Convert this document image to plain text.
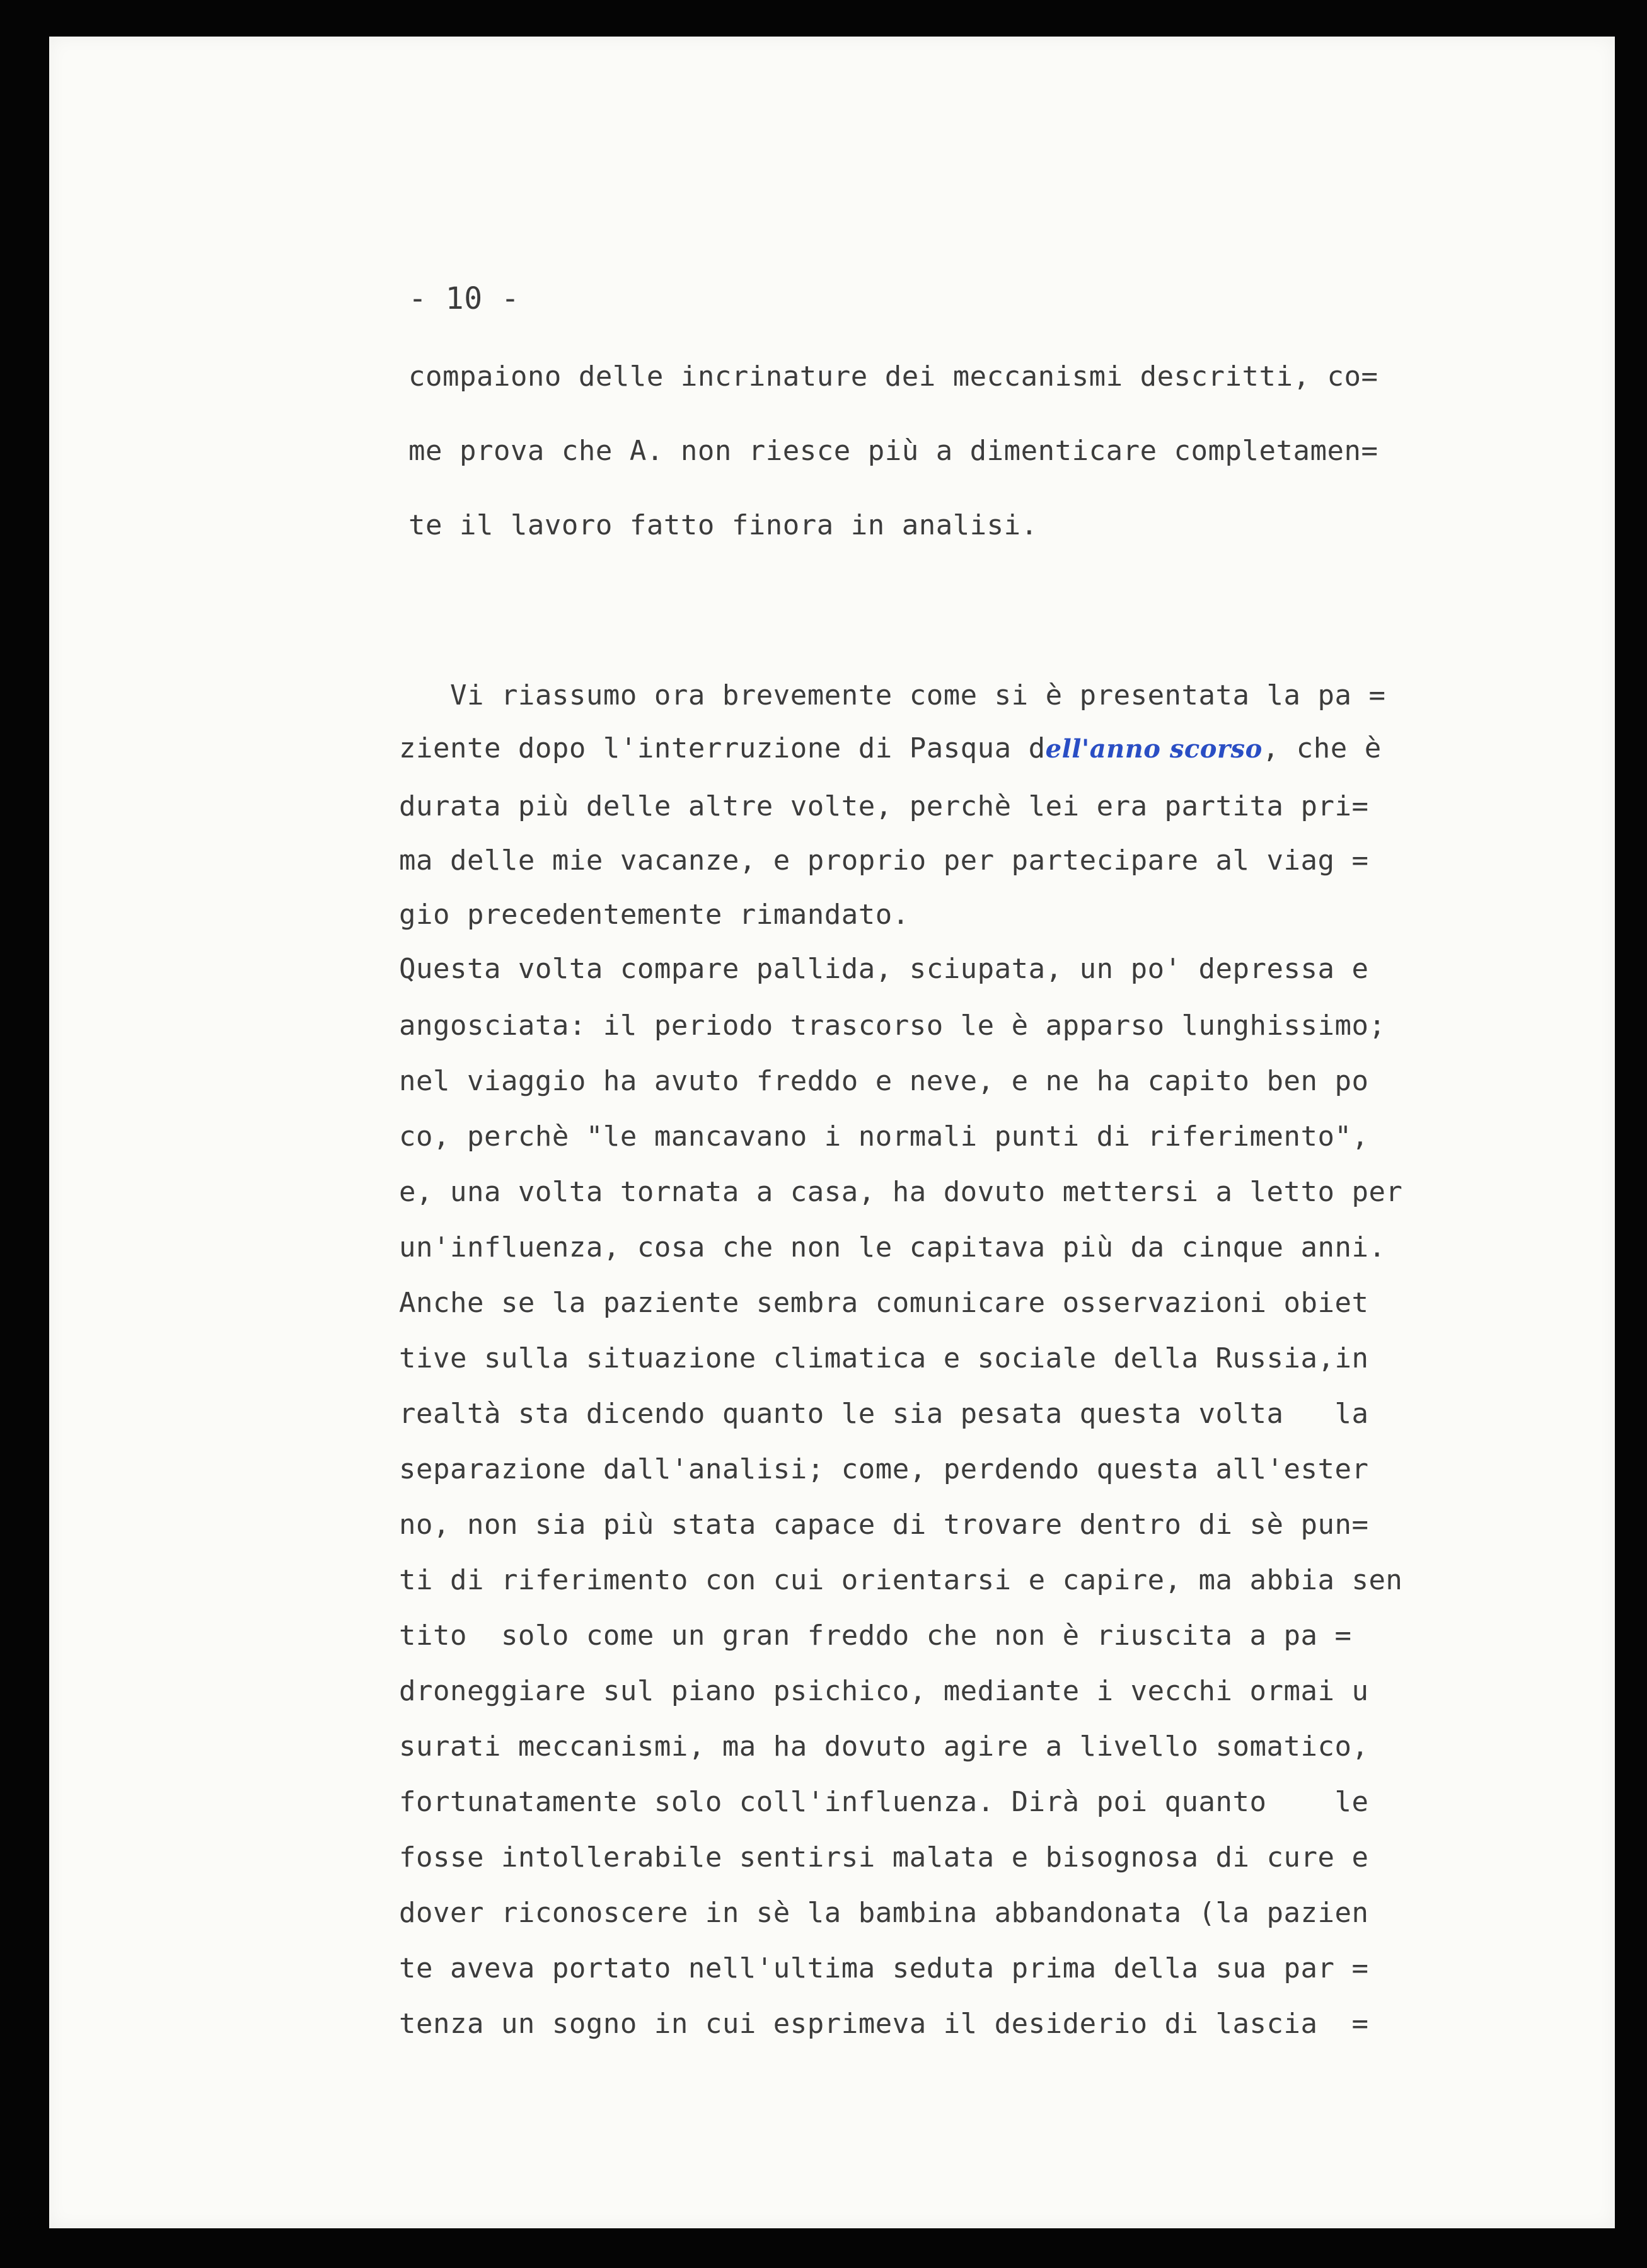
- 10 -
compaiono delle incrinature dei meccanismi descritti, co=
me prova che A. non riesce più a dimenticare completamen=
te il lavoro fatto finora in analisi.
Vi riassumo ora brevemente come si è presentata la pa =
ziente dopo l'interruzione di Pasqua dell'anno scorso, che è
durata più delle altre volte, perchè lei era partita pri=
ma delle mie vacanze, e proprio per partecipare al viag =
gio precedentemente rimandato.
Questa volta compare pallida, sciupata, un po' depressa e
angosciata: il periodo trascorso le è apparso lunghissimo;
nel viaggio ha avuto freddo e neve, e ne ha capito ben po
co, perchè "le mancavano i normali punti di riferimento",
e, una volta tornata a casa, ha dovuto mettersi a letto per
un'influenza, cosa che non le capitava più da cinque anni.
Anche se la paziente sembra comunicare osservazioni obiet
tive sulla situazione climatica e sociale della Russia,in
realtà sta dicendo quanto le sia pesata questa volta   la
separazione dall'analisi; come, perdendo questa all'ester
no, non sia più stata capace di trovare dentro di sè pun=
ti di riferimento con cui orientarsi e capire, ma abbia sen
tito  solo come un gran freddo che non è riuscita a pa =
droneggiare sul piano psichico, mediante i vecchi ormai u
surati meccanismi, ma ha dovuto agire a livello somatico,
fortunatamente solo coll'influenza. Dirà poi quanto    le
fosse intollerabile sentirsi malata e bisognosa di cure e
dover riconoscere in sè la bambina abbandonata (la pazien
te aveva portato nell'ultima seduta prima della sua par =
tenza un sogno in cui esprimeva il desiderio di lascia  =
